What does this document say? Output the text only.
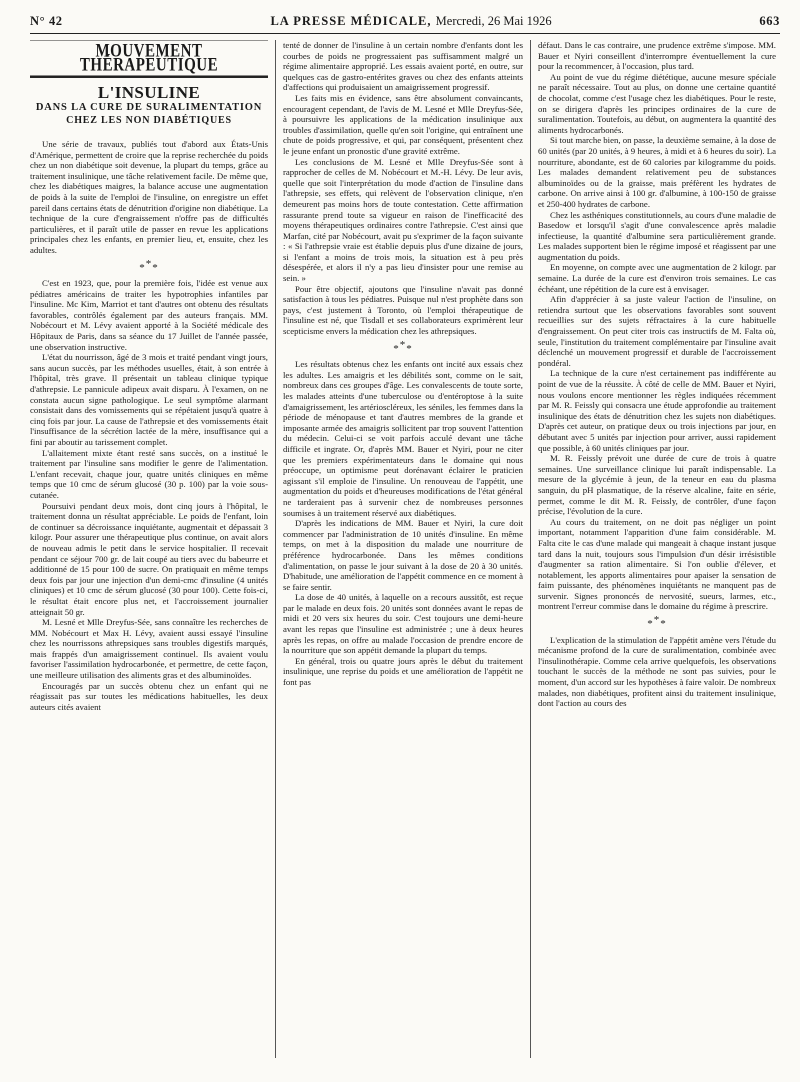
N° 42	LA PRESSE MÉDICALE, Mercredi, 26 Mai 1926	663
MOUVEMENT THÉRAPEUTIQUE
L'INSULINE
DANS LA CURE DE SURALIMENTATION
CHEZ LES NON DIABÉTIQUES

Une série de travaux, publiés tout d'abord aux États-Unis d'Amérique, permettent de croire que la reprise recherchée du poids chez un non diabétique soit devenue, la plupart du temps, grâce au traitement insulinique, une tâche relativement facile. De même que, chez les diabétiques maigres, la balance accuse une augmentation de poids à la suite de l'emploi de l'insuline, on enregistre un effet pareil dans certains états de dénutrition d'origine non diabétique. La technique de la cure d'engraissement n'offre pas de difficultés particulières, et il paraît utile de passer en revue les applications principales chez les enfants, en premier lieu, et, ensuite, chez les adultes.

***

C'est en 1923, que, pour la première fois, l'idée est venue aux pédiatres américains de traiter les hypotrophies infantiles par l'insuline. Mc Kim, Marriot et tant d'autres ont obtenu des résultats favorables, contrôlés également par des auteurs français. MM. Nobécourt et M. Lévy avaient apporté à la Société médicale des Hôpitaux de Paris, dans sa séance du 17 Juillet de l'année passée, une observation instructive.

L'état du nourrisson, âgé de 3 mois et traité pendant vingt jours, sans aucun succès, par les méthodes usuelles, était, à son entrée à l'hôpital, très grave. Il présentait un tableau clinique typique d'athrepsie. Le pannicule adipeux avait disparu. À l'examen, on ne constata aucun signe pathologique. Le seul symptôme alarmant consistait dans des vomissements qui se répétaient jusqu'à quatre à cinq fois par jour. La cause de l'athrepsie et des vomissements était l'insuffisance de la sécrétion lactée de la mère, insuffisance qui a fini par aboutir au tarissement complet.

L'allaitement mixte étant resté sans succès, on a institué le traitement par l'insuline sans modifier le genre de l'alimentation. L'enfant recevait, chaque jour, quatre unités cliniques en même temps que 10 cmc de sérum glucosé (30 p. 100) par la voie sous-cutanée.

Poursuivi pendant deux mois, dont cinq jours à l'hôpital, le traitement donna un résultat appréciable. Le poids de l'enfant, loin de continuer sa décroissance inquiétante, augmentait et dépassait 3 kilogr. Pour assurer une thérapeutique plus continue, on avait alors de nouveau admis le petit dans le service hospitalier. Il recevait pendant ce séjour 700 gr. de lait coupé au tiers avec du babeurre et additionné de 15 pour 100 de sucre. On pratiquait en même temps deux fois par jour une injection d'un demi-cmc d'insuline (4 unités cliniques) et 10 cmc de sérum glucosé (30 pour 100). Cette fois-ci, le résultat était encore plus net, et l'accroissement journalier atteignait 50 gr.

M. Lesné et Mlle Dreyfus-Sée, sans connaître les recherches de MM. Nobécourt et Max H. Lévy, avaient aussi essayé l'insuline chez les nourrissons athrepsiques sans troubles digestifs marqués, mais frappés d'un amaigrissement continuel. Ils avaient voulu favoriser l'assimilation hydrocarbonée, et permettre, de cette façon, une meilleure utilisation des aliments gras et des albuminoïdes.

Encouragés par un succès obtenu chez un enfant qui ne réagissait pas sur toutes les médications habituelles, les deux auteurs cités avaient

tenté de donner de l'insuline à un certain nombre d'enfants dont les courbes de poids ne progressaient pas suffisamment malgré un régime alimentaire approprié. Les essais avaient porté, en outre, sur quelques cas de gastro-entérites graves ou chez des enfants atteints d'affections qui produisaient un amaigrissement progressif.

Les faits mis en évidence, sans être absolument convaincants, encouragent cependant, de l'avis de M. Lesné et Mlle Dreyfus-Sée, à poursuivre les applications de la médication insulinique aux troubles d'assimilation, quelle qu'en soit l'origine, qui entraînent une chute de poids progressive, et qui, par conséquent, présentent chez le jeune enfant un pronostic d'une gravité extrême.

Les conclusions de M. Lesné et Mlle Dreyfus-Sée sont à rapprocher de celles de M. Nobécourt et M.-H. Lévy. De leur avis, quelle que soit l'interprétation du mode d'action de l'insuline dans l'athrepsie, ses effets, qui relèvent de l'observation clinique, n'en demeurent pas moins hors de toute contestation. Cette affirmation rassurante prend toute sa vigueur en raison de l'inefficacité des moyens thérapeutiques ordinaires contre l'athrepsie. C'est ainsi que Marfan, cité par Nobécourt, avait pu s'exprimer de la façon suivante : « Si l'athrepsie vraie est établie depuis plus d'une dizaine de jours, si l'enfant a moins de trois mois, la situation est à peu près désespérée, et alors il n'y a pas lieu d'insister pour une remise au sein. »

Pour être objectif, ajoutons que l'insuline n'avait pas donné satisfaction à tous les pédiatres. Puisque nul n'est prophète dans son pays, c'est justement à Toronto, où l'emploi thérapeutique de l'insuline est né, que Tisdall et ses collaborateurs exprimèrent leur scepticisme envers la médication chez les athrepsiques.

***

Les résultats obtenus chez les enfants ont incité aux essais chez les adultes. Les amaigris et les débilités sont, comme on le sait, nombreux dans ces groupes d'âge. Les convalescents de toute sorte, les malades atteints d'une tuberculose ou d'entéroptose à la suite d'amaigrissement, les artérioscléreux, les séniles, les femmes dans la période de ménopause et tant d'autres membres de la grande et imposante armée des amaigris sollicitent par trop souvent l'attention du médecin. Celui-ci se voit parfois acculé devant une tâche difficile et ingrate. Or, d'après MM. Bauer et Nyiri, pour ne citer que les premiers expérimentateurs dans le domaine qui nous préoccupe, un optimisme peut dorénavant éclairer le praticien agissant s'il emploie de l'insuline. Un renouveau de l'appétit, une augmentation du poids et d'heureuses modifications de l'état général ne tarderaient pas à survenir chez de nombreuses personnes soumises à un traitement réservé aux diabétiques.

D'après les indications de MM. Bauer et Nyiri, la cure doit commencer par l'administration de 10 unités d'insuline. En même temps, on met à la disposition du malade une nourriture de préférence hydrocarbonée. Dans les mêmes conditions d'alimentation, on passe le jour suivant à la dose de 20 à 30 unités. D'habitude, une amélioration de l'appétit commence en ce moment à se faire sentir.

La dose de 40 unités, à laquelle on a recours aussitôt, est reçue par le malade en deux fois. 20 unités sont données avant le repas de midi et 20 vers six heures du soir. C'est toujours une demi-heure avant les repas que l'insuline est administrée ; une à deux heures après les repas, on offre au malade l'occasion de prendre encore de la nourriture que son appétit demande la plupart du temps.

En général, trois ou quatre jours après le début du traitement insulinique, une reprise du poids et une amélioration de l'appétit ne font pas

défaut. Dans le cas contraire, une prudence extrême s'impose. MM. Bauer et Nyiri conseillent d'interrompre éventuellement la cure pour la recommencer, à l'occasion, plus tard.

Au point de vue du régime diététique, aucune mesure spéciale ne paraît nécessaire. Tout au plus, on donne une certaine quantité de chocolat, comme c'est l'usage chez les diabétiques. Pour le reste, on se dirigera d'après les principes ordinaires de la cure de suralimentation. Toutefois, au début, on augmentera la quantité des aliments hydrocarbonés.

Si tout marche bien, on passe, la deuxième semaine, à la dose de 60 unités (par 20 unités, à 9 heures, à midi et à 6 heures du soir). La nourriture, abondante, est de 60 calories par kilogramme du poids. Les malades demandent relativement peu de substances albuminoïdes ou de la graisse, mais préfèrent les hydrates de carbone. On arrive ainsi à 100 gr. d'albumine, à 100-150 de graisse et 250-400 hydrates de carbone.

Chez les asthéniques constitutionnels, au cours d'une maladie de Basedow et lorsqu'il s'agit d'une convalescence après maladie infectieuse, la quantité d'albumine sera particulièrement grande. Les malades supportent bien le régime imposé et réagissent par une augmentation du poids.

En moyenne, on compte avec une augmentation de 2 kilogr. par semaine. La durée de la cure est d'environ trois semaines. Le cas échéant, une répétition de la cure est à envisager.

Afin d'apprécier à sa juste valeur l'action de l'insuline, on retiendra surtout que les observations favorables sont souvent recueillies sur des sujets réfractaires à la cure habituelle d'engraissement. On peut citer trois cas instructifs de M. Falta où, seule, l'institution du traitement complémentaire par l'insuline avait déclenché un mouvement progressif et durable de l'accroissement pondéral.

La technique de la cure n'est certainement pas indifférente au point de vue de la réussite. À côté de celle de MM. Bauer et Nyiri, nous voulons encore mentionner les règles indiquées récemment par M. R. Feissly qui consacra une étude approfondie au traitement insulinique des états de dénutrition chez les sujets non diabétiques. D'après cet auteur, on pratique deux ou trois injections par jour, en débutant avec 5 unités par injection pour arriver, aussi rapidement que possible, à 60 unités cliniques par jour.

M. R. Feissly prévoit une durée de cure de trois à quatre semaines. Une surveillance clinique lui paraît indispensable. La mesure de la glycémie à jeun, de la teneur en eau du plasma sanguin, du pH plasmatique, de la réserve alcaline, faite en série, permet, comme le dit M. R. Feissly, de contrôler, d'une façon précise, l'évolution de la cure.

Au cours du traitement, on ne doit pas négliger un point important, notamment l'apparition d'une faim considérable. M. Falta cite le cas d'une malade qui mangeait à chaque instant jusque tard dans la nuit, toujours sous l'impulsion d'un désir irrésistible d'augmenter sa ration alimentaire. Si l'on oublie d'élever, et notablement, les apports alimentaires pour apaiser la sensation de faim puissante, des phénomènes inquiétants ne manquent pas de survenir. Signes prononcés de nervosité, sueurs, larmes, etc., montrent l'erreur commise dans le domaine du régime à prescrire.

***

L'explication de la stimulation de l'appétit amène vers l'étude du mécanisme profond de la cure de suralimentation, combinée avec l'insulinothérapie. Comme cela arrive quelquefois, les observations touchant le succès de la méthode ne sont pas suivies, pour le moment, d'un accord sur les hypothèses à faire valoir. De nombreux malades, non diabétiques, profitent ainsi du traitement insulinique, dont l'action au cours des
